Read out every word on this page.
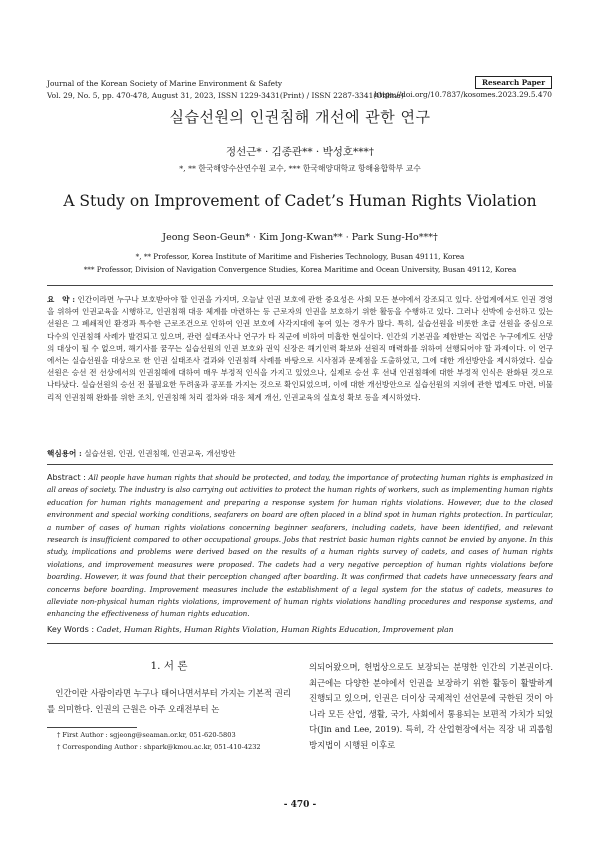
Journal of the Korean Society of Marine Environment & Safety
Vol. 29, No. 5, pp. 470-478, August 31, 2023, ISSN 1229-3431(Print) / ISSN 2287-3341(Online)
Research Paper
https://doi.org/10.7837/kosomes.2023.29.5.470
실습선원의 인권침해 개선에 관한 연구
정선근* · 김종관** · 박성호***†
*, ** 한국해양수산연수원 교수, *** 한국해양대학교 항해융합학부 교수
A Study on Improvement of Cadet’s Human Rights Violation
Jeong Seon-Geun* · Kim Jong-Kwan** · Park Sung-Ho***†
*, ** Professor, Korea Institute of Maritime and Fisheries Technology, Busan 49111, Korea
*** Professor, Division of Navigation Convergence Studies, Korea Maritime and Ocean University, Busan 49112, Korea
요　약 : 인간이라면 누구나 보호받아야 할 인권을 가지며, 오늘날 인권 보호에 관한 중요성은 사회 모든 분야에서 강조되고 있다. 산업계에서도 인권 경영을 위하여 인권교육을 시행하고, 인권침해 대응 체계를 마련하는 등 근로자의 인권을 보호하기 위한 활동을 수행하고 있다. 그러나 선박에 승선하고 있는 선원은 그 폐쇄적인 환경과 특수한 근로조건으로 인하여 인권 보호에 사각지대에 놓여 있는 경우가 많다. 특히, 실습선원을 비롯한 초급 선원을 중심으로 다수의 인권침해 사례가 발견되고 있으며, 관련 실태조사나 연구가 타 직군에 비하여 미흡한 현실이다. 인간의 기본권을 제한받는 직업은 누구에게도 선망의 대상이 될 수 없으며, 해기사를 꿈꾸는 실습선원의 인권 보호와 권익 신장은 해기인력 확보와 선원직 매력화를 위하여 선행되어야 할 과제이다. 이 연구에서는 실습선원을 대상으로 한 인권 실태조사 결과와 인권침해 사례를 바탕으로 시사점과 문제점을 도출하였고, 그에 대한 개선방안을 제시하였다. 실습선원은 승선 전 선상에서의 인권침해에 대하여 매우 부정적 인식을 가지고 있었으나, 실제로 승선 후 선내 인권침해에 대한 부정적 인식은 완화된 것으로 나타났다. 실습선원의 승선 전 불필요한 두려움과 공포를 가지는 것으로 확인되었으며, 이에 대한 개선방안으로 실습선원의 지위에 관한 법제도 마련, 비물리적 인권침해 완화를 위한 조치, 인권침해 처리 절차와 대응 체계 개선, 인권교육의 실효성 확보 등을 제시하였다.
핵심용어 : 실습선원, 인권, 인권침해, 인권교육, 개선방안
Abstract : All people have human rights that should be protected, and today, the importance of protecting human rights is emphasized in all areas of society. The industry is also carrying out activities to protect the human rights of workers, such as implementing human rights education for human rights management and preparing a response system for human rights violations. However, due to the closed environment and special working conditions, seafarers on board are often placed in a blind spot in human rights protection. In particular, a number of cases of human rights violations concerning beginner seafarers, including cadets, have been identified, and relevant research is insufficient compared to other occupational groups. Jobs that restrict basic human rights cannot be envied by anyone. In this study, implications and problems were derived based on the results of a human rights survey of cadets, and cases of human rights violations, and improvement measures were proposed. The cadets had a very negative perception of human rights violations before boarding. However, it was found that their perception changed after boarding. It was confirmed that cadets have unnecessary fears and concerns before boarding. Improvement measures include the establishment of a legal system for the status of cadets, measures to alleviate non-physical human rights violations, improvement of human rights violations handling procedures and response systems, and enhancing the effectiveness of human rights education.
Key Words : Cadet, Human Rights, Human Rights Violation, Human Rights Education, Improvement plan
1. 서 론
인간이란 사람이라면 누구나 태어나면서부터 가지는 기본적 권리를 의미한다. 인권의 근원은 아주 오래전부터 논
의되어왔으며, 헌법상으로도 보장되는 분명한 인간의 기본권이다. 최근에는 다양한 분야에서 인권을 보장하기 위한 활동이 활발하게 진행되고 있으며, 인권은 더이상 국제적인 선언문에 국한된 것이 아니라 모든 산업, 생활, 국가, 사회에서 통용되는 보편적 가치가 되었다(Jin and Lee, 2019). 특히, 각 산업현장에서는 직장 내 괴롭힘 방지법이 시행된 이후로
† First Author : sgjeong@seaman.or.kr, 051-620-5803
† Corresponding Author : shpark@kmou.ac.kr, 051-410-4232
- 470 -
